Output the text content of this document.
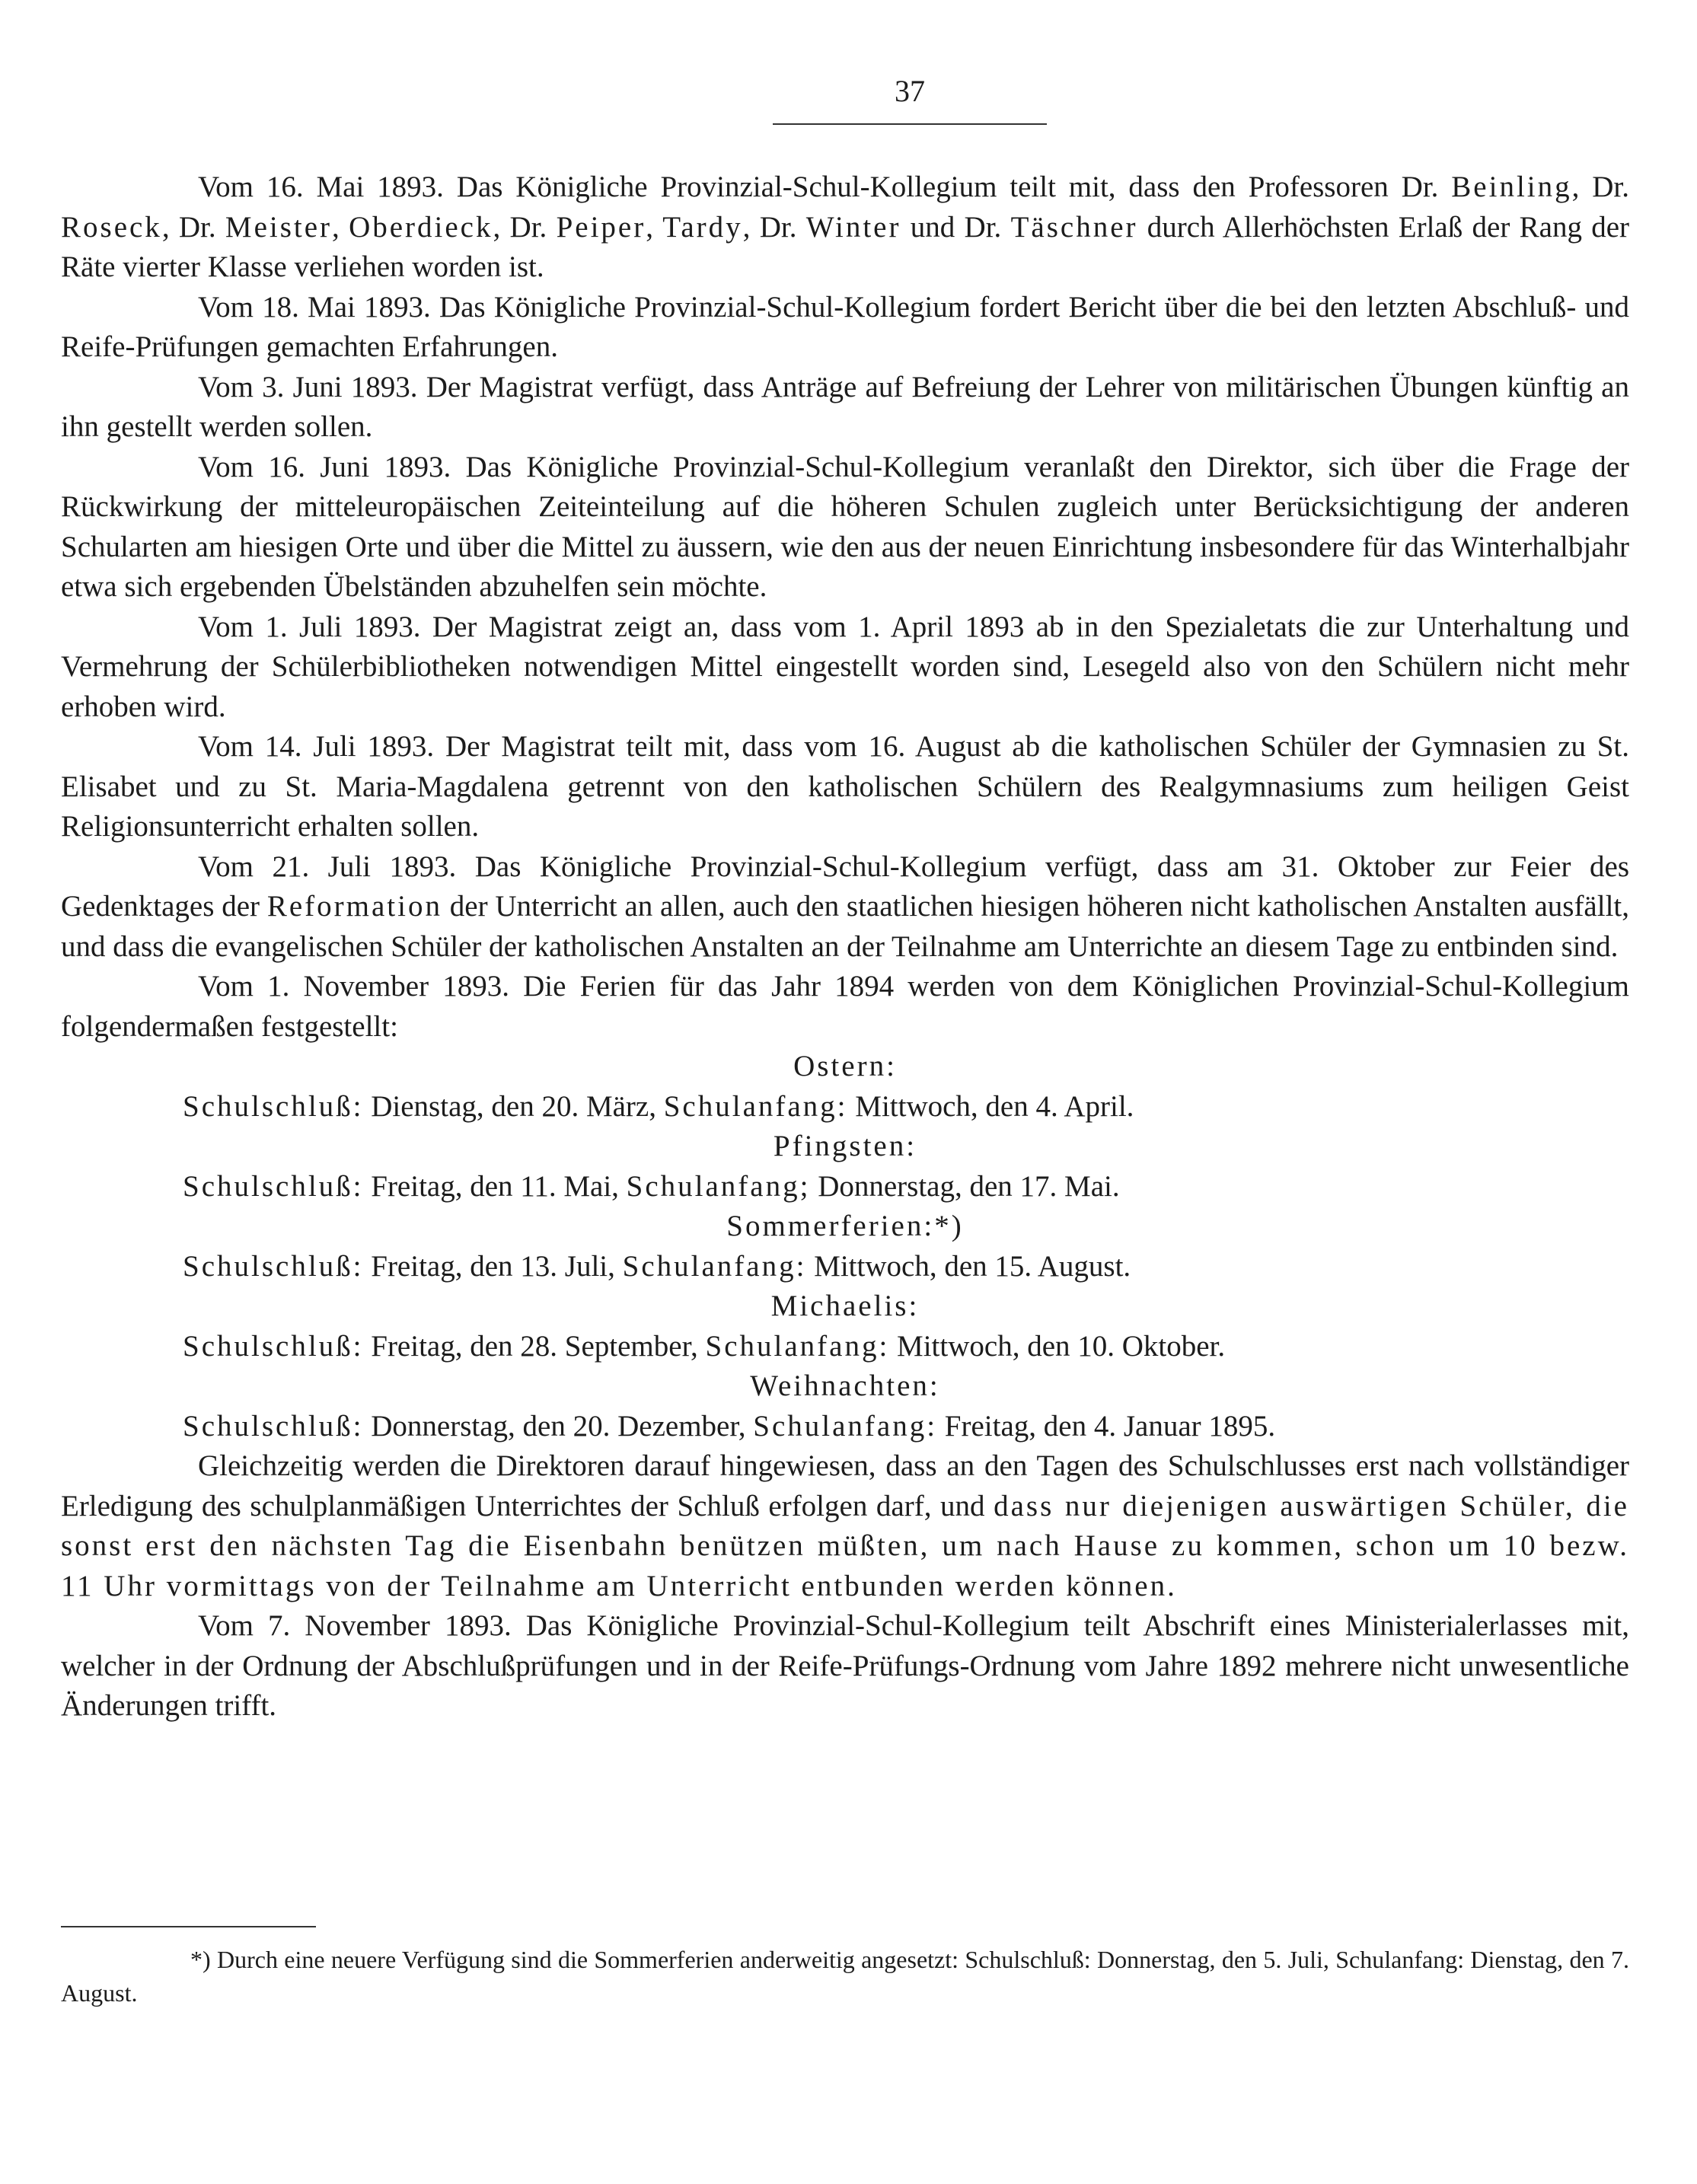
37

Vom 16. Mai 1893. Das Königliche Provinzial-Schul-Kollegium teilt mit, dass den Professoren Dr. Beinling, Dr. Roseck, Dr. Meister, Oberdieck, Dr. Peiper, Tardy, Dr. Winter und Dr. Täschner durch Allerhöchsten Erlaß der Rang der Räte vierter Klasse verliehen worden ist.

Vom 18. Mai 1893. Das Königliche Provinzial-Schul-Kollegium fordert Bericht über die bei den letzten Abschluß- und Reife-Prüfungen gemachten Erfahrungen.

Vom 3. Juni 1893. Der Magistrat verfügt, dass Anträge auf Befreiung der Lehrer von militärischen Übungen künftig an ihn gestellt werden sollen.

Vom 16. Juni 1893. Das Königliche Provinzial-Schul-Kollegium veranlaßt den Direktor, sich über die Frage der Rückwirkung der mitteleuropäischen Zeiteinteilung auf die höheren Schulen zugleich unter Berücksichtigung der anderen Schularten am hiesigen Orte und über die Mittel zu äussern, wie den aus der neuen Einrichtung insbesondere für das Winterhalbjahr etwa sich ergebenden Übelständen abzuhelfen sein möchte.

Vom 1. Juli 1893. Der Magistrat zeigt an, dass vom 1. April 1893 ab in den Spezialetats die zur Unterhaltung und Vermehrung der Schülerbibliotheken notwendigen Mittel eingestellt worden sind, Lesegeld also von den Schülern nicht mehr erhoben wird.

Vom 14. Juli 1893. Der Magistrat teilt mit, dass vom 16. August ab die katholischen Schüler der Gymnasien zu St. Elisabet und zu St. Maria-Magdalena getrennt von den katholischen Schülern des Realgymnasiums zum heiligen Geist Religionsunterricht erhalten sollen.

Vom 21. Juli 1893. Das Königliche Provinzial-Schul-Kollegium verfügt, dass am 31. Oktober zur Feier des Gedenktages der Reformation der Unterricht an allen, auch den staatlichen hiesigen höheren nicht katholischen Anstalten ausfällt, und dass die evangelischen Schüler der katholischen Anstalten an der Teilnahme am Unterrichte an diesem Tage zu entbinden sind.

Vom 1. November 1893. Die Ferien für das Jahr 1894 werden von dem Königlichen Provinzial-Schul-Kollegium folgendermaßen festgestellt:

Ostern:

Schulschluß: Dienstag, den 20. März, Schulanfang: Mittwoch, den 4. April.

Pfingsten:

Schulschluß: Freitag, den 11. Mai, Schulanfang; Donnerstag, den 17. Mai.

Sommerferien:*)

Schulschluß: Freitag, den 13. Juli, Schulanfang: Mittwoch, den 15. August.

Michaelis:

Schulschluß: Freitag, den 28. September, Schulanfang: Mittwoch, den 10. Oktober.

Weihnachten:

Schulschluß: Donnerstag, den 20. Dezember, Schulanfang: Freitag, den 4. Januar 1895.

Gleichzeitig werden die Direktoren darauf hingewiesen, dass an den Tagen des Schulschlusses erst nach vollständiger Erledigung des schulplanmäßigen Unterrichtes der Schluß erfolgen darf, und dass nur diejenigen auswärtigen Schüler, die sonst erst den nächsten Tag die Eisenbahn benützen müßten, um nach Hause zu kommen, schon um 10 bezw. 11 Uhr vormittags von der Teilnahme am Unterricht entbunden werden können.

Vom 7. November 1893. Das Königliche Provinzial-Schul-Kollegium teilt Abschrift eines Ministerialerlasses mit, welcher in der Ordnung der Abschlußprüfungen und in der Reife-Prüfungs-Ordnung vom Jahre 1892 mehrere nicht unwesentliche Änderungen trifft.

*) Durch eine neuere Verfügung sind die Sommerferien anderweitig angesetzt: Schulschluß: Donnerstag, den 5. Juli, Schulanfang: Dienstag, den 7. August.
